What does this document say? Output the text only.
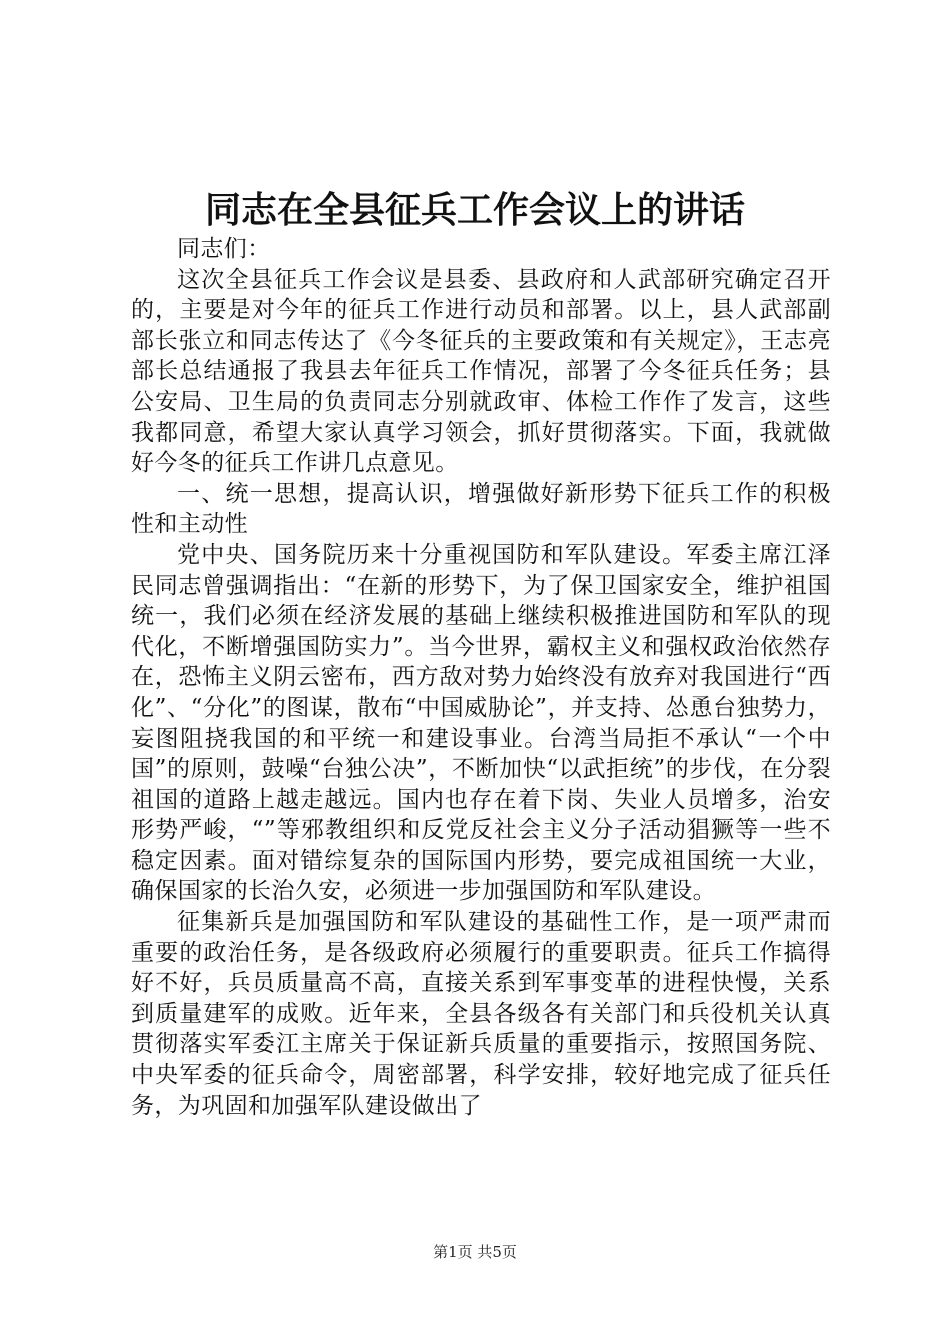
同志在全县征兵工作会议上的讲话

同志们：

这次全县征兵工作会议是县委、县政府和人武部研究确定召开的，主要是对今年的征兵工作进行动员和部署。以上，县人武部副部长张立和同志传达了《今冬征兵的主要政策和有关规定》，王志亮部长总结通报了我县去年征兵工作情况，部署了今冬征兵任务；县公安局、卫生局的负责同志分别就政审、体检工作作了发言，这些我都同意，希望大家认真学习领会，抓好贯彻落实。下面，我就做好今冬的征兵工作讲几点意见。

一、统一思想，提高认识，增强做好新形势下征兵工作的积极性和主动性

党中央、国务院历来十分重视国防和军队建设。军委主席江泽民同志曾强调指出：“在新的形势下，为了保卫国家安全，维护祖国统一，我们必须在经济发展的基础上继续积极推进国防和军队的现代化，不断增强国防实力”。当今世界，霸权主义和强权政治依然存在，恐怖主义阴云密布，西方敌对势力始终没有放弃对我国进行“西化”、“分化”的图谋，散布“中国威胁论”，并支持、怂恿台独势力，妄图阻挠我国的和平统一和建设事业。台湾当局拒不承认“一个中国”的原则，鼓噪“台独公决”，不断加快“以武拒统”的步伐，在分裂祖国的道路上越走越远。国内也存在着下岗、失业人员增多，治安形势严峻，“”等邪教组织和反党反社会主义分子活动猖獗等一些不稳定因素。面对错综复杂的国际国内形势，要完成祖国统一大业，确保国家的长治久安，必须进一步加强国防和军队建设。

征集新兵是加强国防和军队建设的基础性工作，是一项严肃而重要的政治任务，是各级政府必须履行的重要职责。征兵工作搞得好不好，兵员质量高不高，直接关系到军事变革的进程快慢，关系到质量建军的成败。近年来，全县各级各有关部门和兵役机关认真贯彻落实军委江主席关于保证新兵质量的重要指示，按照国务院、中央军委的征兵命令，周密部署，科学安排，较好地完成了征兵任务，为巩固和加强军队建设做出了

第1页 共5页
